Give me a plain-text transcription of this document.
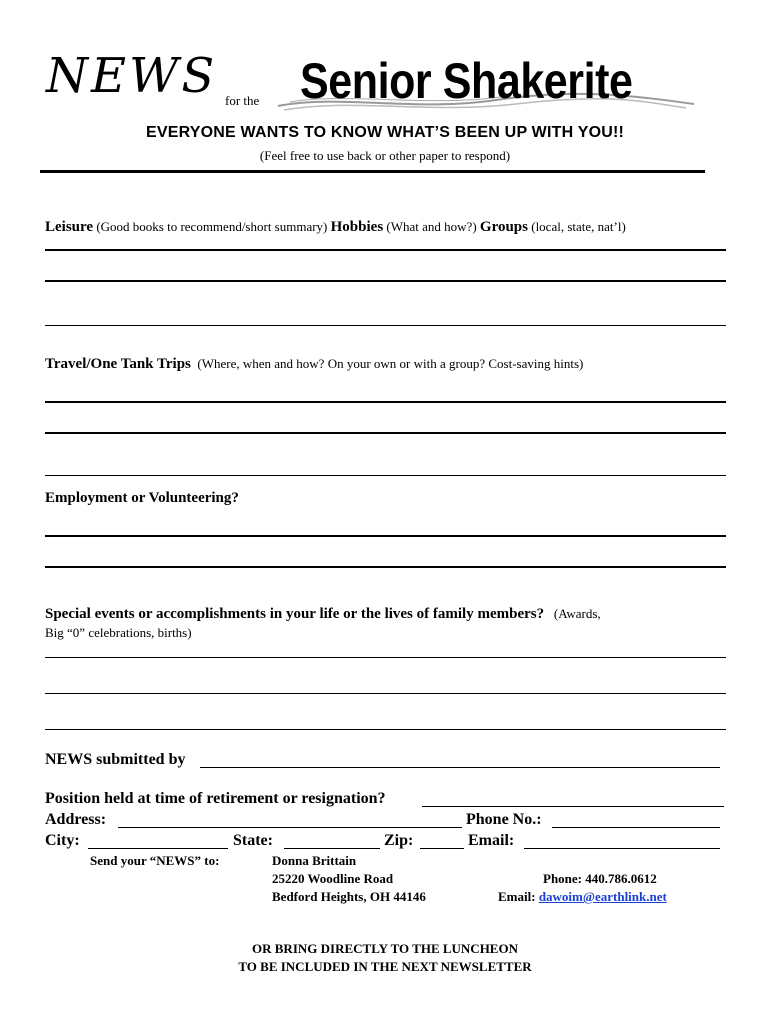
NEWS for the Senior Shakerite
EVERYONE WANTS TO KNOW WHAT’S BEEN UP WITH YOU!!
(Feel free to use back or other paper to respond)
Leisure (Good books to recommend/short summary) Hobbies (What and how?) Groups (local, state, nat’l)
Travel/One Tank Trips (Where, when and how? On your own or with a group? Cost-saving hints)
Employment or Volunteering?
Special events or accomplishments in your life or the lives of family members? (Awards,
Big “0” celebrations, births)
NEWS submitted by
Position held at time of retirement or resignation?
Address:	Phone No.:
City:	State:	Zip:	Email:
Send your “NEWS” to:	Donna Brittain
25220 Woodline Road
Bedford Heights, OH 44146
Phone: 440.786.0612
Email: dawoim@earthlink.net
OR BRING DIRECTLY TO THE LUNCHEON
TO BE INCLUDED IN THE NEXT NEWSLETTER
